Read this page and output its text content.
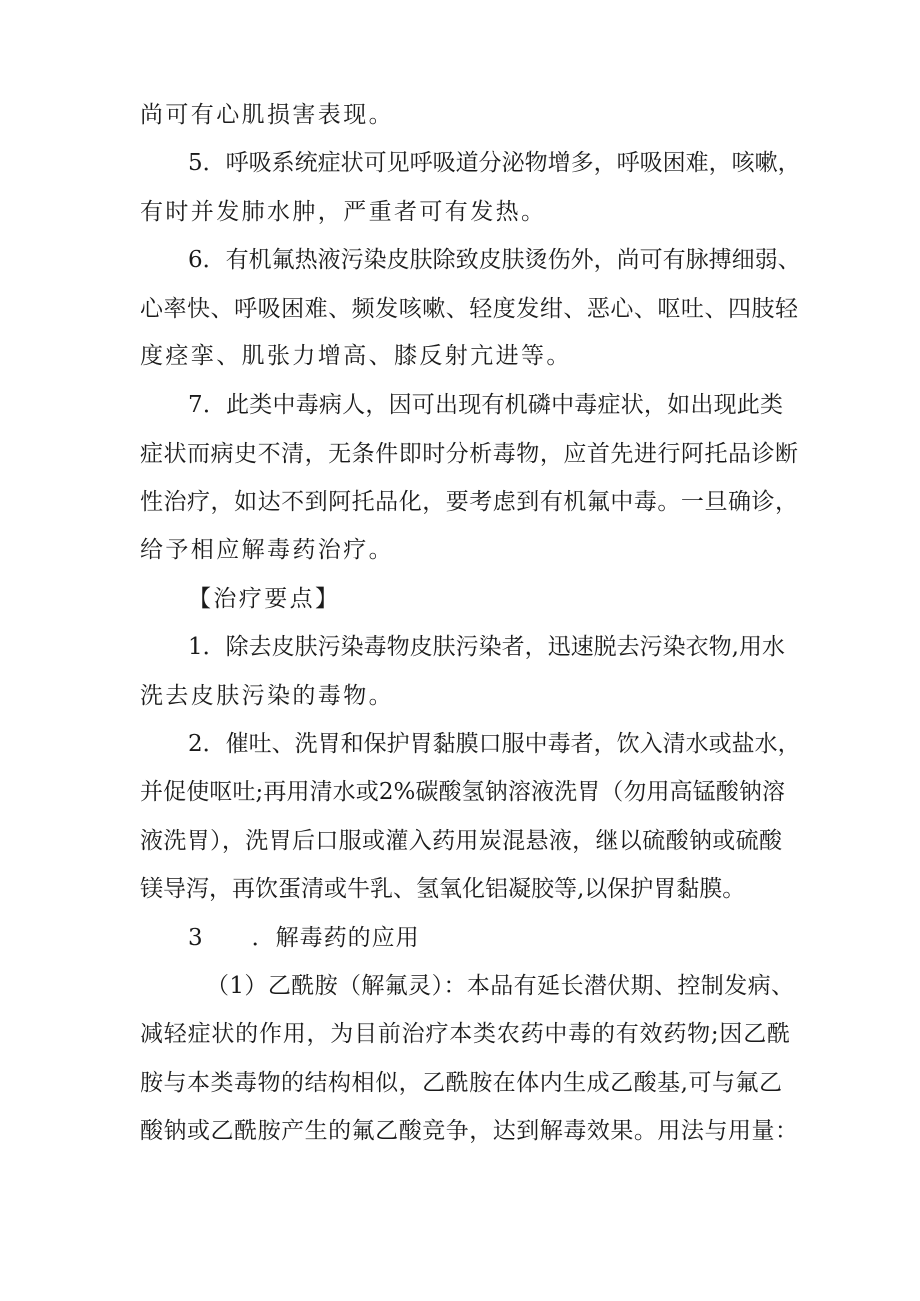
尚可有心肌损害表现。
5．呼吸系统症状可见呼吸道分泌物增多，呼吸困难，咳嗽，
有时并发肺水肿，严重者可有发热。
6．有机氟热液污染皮肤除致皮肤烫伤外，尚可有脉搏细弱、
心率快、呼吸困难、频发咳嗽、轻度发绀、恶心、呕吐、四肢轻
度痉挛、肌张力增高、膝反射亢进等。
7．此类中毒病人，因可出现有机磷中毒症状，如出现此类
症状而病史不清，无条件即时分析毒物，应首先进行阿托品诊断
性治疗，如达不到阿托品化，要考虑到有机氟中毒。一旦确诊，
给予相应解毒药治疗。
【治疗要点】
1．除去皮肤污染毒物皮肤污染者，迅速脱去污染衣物,用水
洗去皮肤污染的毒物。
2．催吐、洗胃和保护胃黏膜口服中毒者，饮入清水或盐水，
并促使呕吐;再用清水或2%碳酸氢钠溶液洗胃（勿用高锰酸钠溶
液洗胃），洗胃后口服或灌入药用炭混悬液，继以硫酸钠或硫酸
镁导泻，再饮蛋清或牛乳、氢氧化铝凝胶等,以保护胃黏膜。
3　　．解毒药的应用
（1）乙酰胺（解氟灵）：本品有延长潜伏期、控制发病、
减轻症状的作用，为目前治疗本类农药中毒的有效药物;因乙酰
胺与本类毒物的结构相似，乙酰胺在体内生成乙酸基,可与氟乙
酸钠或乙酰胺产生的氟乙酸竞争，达到解毒效果。用法与用量：
